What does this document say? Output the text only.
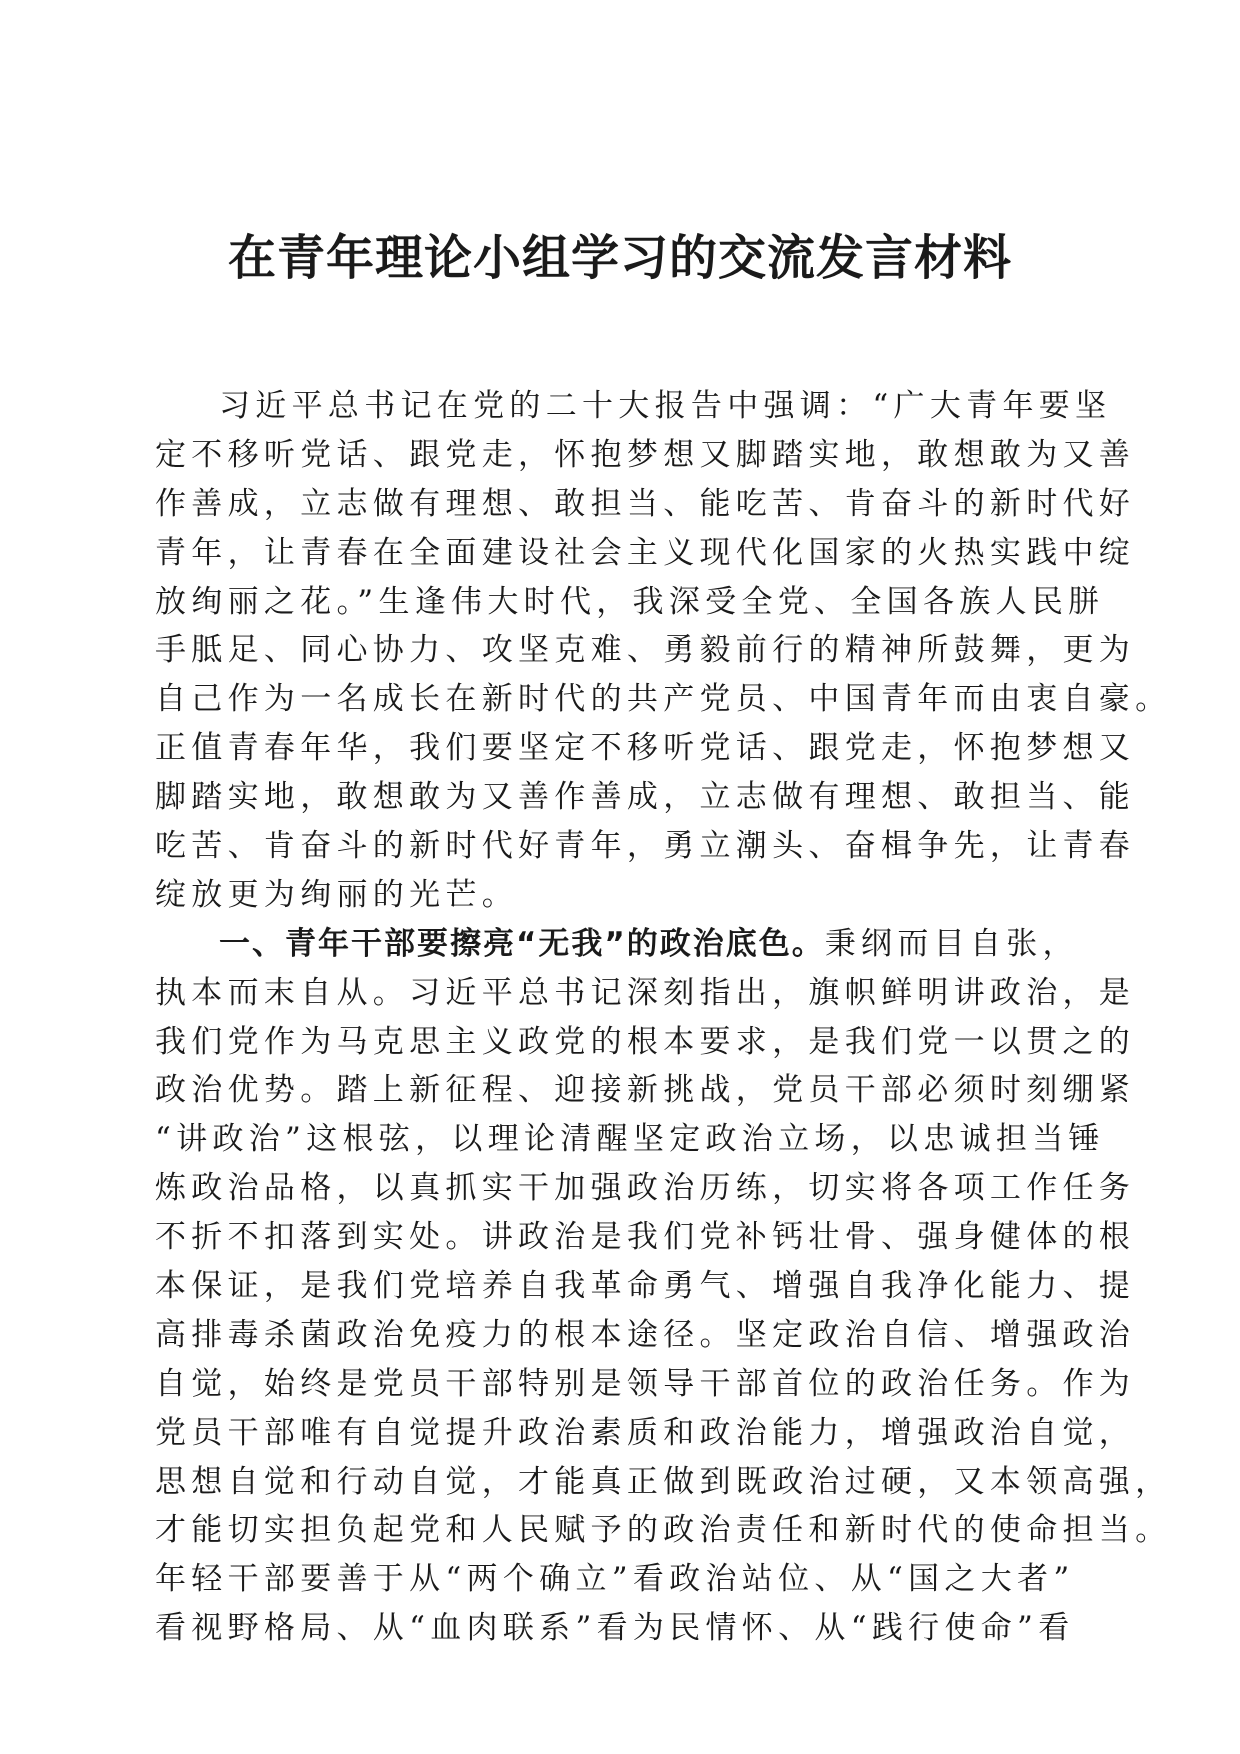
在青年理论小组学习的交流发言材料
习近平总书记在党的二十大报告中强调：“广大青年要坚
定不移听党话、跟党走，怀抱梦想又脚踏实地，敢想敢为又善
作善成，立志做有理想、敢担当、能吃苦、肯奋斗的新时代好
青年，让青春在全面建设社会主义现代化国家的火热实践中绽
放绚丽之花。”生逢伟大时代，我深受全党、全国各族人民胼
手胝足、同心协力、攻坚克难、勇毅前行的精神所鼓舞，更为
自己作为一名成长在新时代的共产党员、中国青年而由衷自豪。
正值青春年华，我们要坚定不移听党话、跟党走，怀抱梦想又
脚踏实地，敢想敢为又善作善成，立志做有理想、敢担当、能
吃苦、肯奋斗的新时代好青年，勇立潮头、奋楫争先，让青春
绽放更为绚丽的光芒。
一、青年干部要擦亮“无我”的政治底色。秉纲而目自张，
执本而末自从。习近平总书记深刻指出，旗帜鲜明讲政治，是
我们党作为马克思主义政党的根本要求，是我们党一以贯之的
政治优势。踏上新征程、迎接新挑战，党员干部必须时刻绷紧
“讲政治”这根弦，以理论清醒坚定政治立场，以忠诚担当锤
炼政治品格，以真抓实干加强政治历练，切实将各项工作任务
不折不扣落到实处。讲政治是我们党补钙壮骨、强身健体的根
本保证，是我们党培养自我革命勇气、增强自我净化能力、提
高排毒杀菌政治免疫力的根本途径。坚定政治自信、增强政治
自觉，始终是党员干部特别是领导干部首位的政治任务。作为
党员干部唯有自觉提升政治素质和政治能力，增强政治自觉，
思想自觉和行动自觉，才能真正做到既政治过硬，又本领高强，
才能切实担负起党和人民赋予的政治责任和新时代的使命担当。
年轻干部要善于从“两个确立”看政治站位、从“国之大者”
看视野格局、从“血肉联系”看为民情怀、从“践行使命”看
